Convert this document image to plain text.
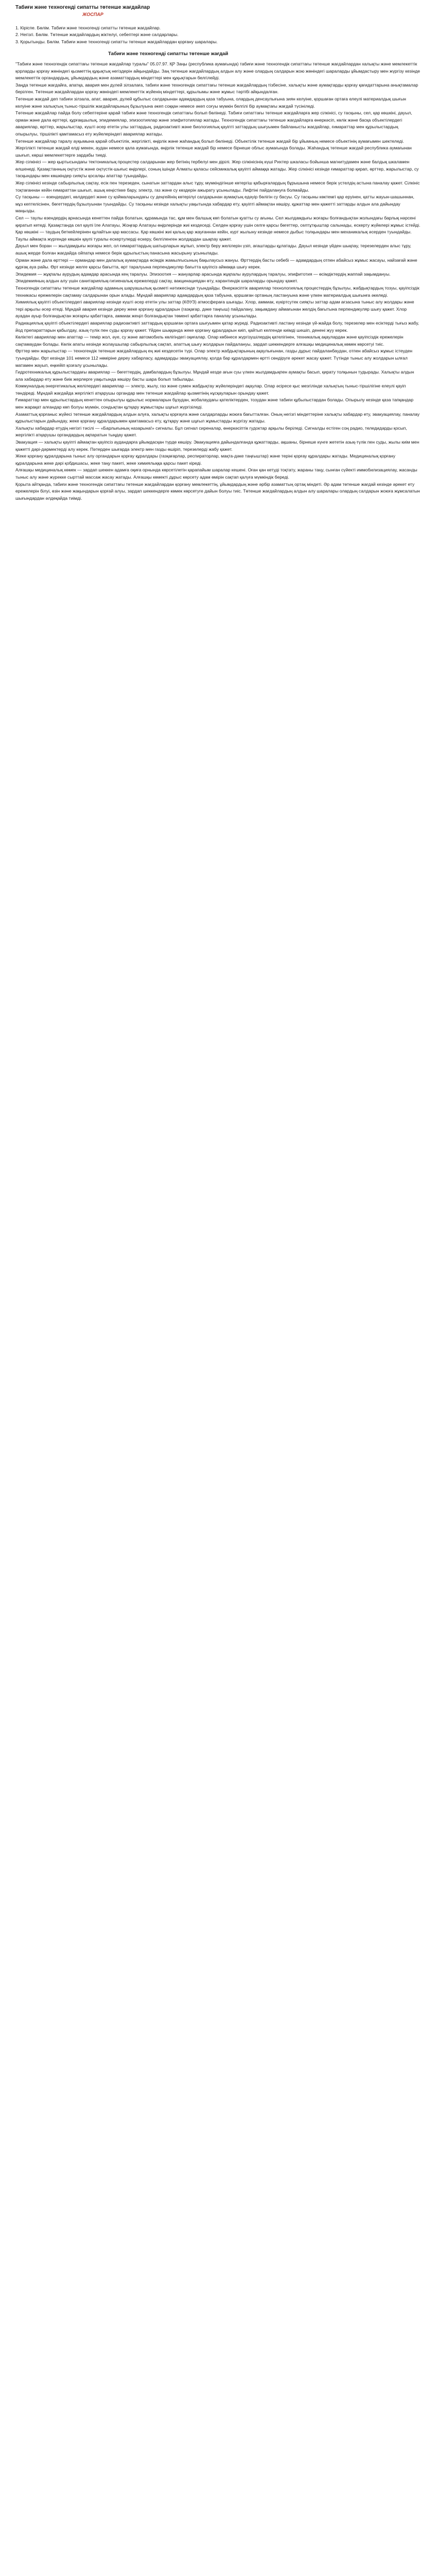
Табиғи және техногенді сипатты төтенше жағдайлар
ЖОСПАР

1. Кіріспе. Бөлім. Табиғи және техногенді сипатты төтенше жағдайлар.

2. Негізгі. Бөлім. Төтенше жағдайлардың жіктелуі, себептері және салдарлары.

3. Қорытынды. Бөлім. Табиғи және техногенді сипатты төтенше жағдайлардан қорғану шаралары.

Табиғи және техногенді сипатты төтенше жағдай

"Табиғи және техногендік сипаттағы төтенше жағдайлар туралы" 05.07.97. ҚР Заңы (республика аумағында) табиғи және техногендік сипаттағы төтенше жағдайлардан халықты және мемлекеттік қорларды қорғау жөніндегі қызметтің құқықтық негіздерін айқындайды. Заң төтенше жағдайлардың алдын алу және олардың салдарын жою жөніндегі шараларды ұйымдастыру мен жүргізу кезінде мемлекеттік органдардың, ұйымдардың және азаматтардың міндеттері мен құқықтарын белгілейді.

Заңда төтенше жағдайға, апатқа, авария мен дүлей зілзалаға, табиғи және техногендік сипаттағы төтенше жағдайлардың тізбесіне, халықты және аумақтарды қорғау қағидаттарына анықтамалар берілген. Төтенше жағдайлардан қорғау жөніндегі мемлекеттік жүйенің міндеттері, құрылымы және жұмыс тәртібі айқындалған.

Төтенше жағдай деп табиғи зілзала, апат, авария, дүлей құбылыс салдарынан адамдардың қаза табуына, олардың денсаулығына зиян келуіне, қоршаған ортаға елеулі материалдық шығын келуіне және халықтың тыныс-тіршілік жағдайларының бұзылуына әкеп соққан немесе әкеп соғуы мүмкін белгілі бір аумақтағы жағдай түсініледі.

Төтенше жағдайлар пайда болу себептеріне қарай табиғи және техногендік сипаттағы болып бөлінеді. Табиғи сипаттағы төтенше жағдайларға жер сілкінісі, су тасқыны, сел, қар көшкіні, дауыл, орман және дала өрттері, құрғақшылық, эпидемиялар, эпизоотиялар және эпифитотиялар жатады. Техногендік сипаттағы төтенше жағдайларға өнеркәсіп, көлік және басқа объектілердегі авариялар, өрттер, жарылыстар, күшті әсер ететін улы заттардың, радиоактивті және биологиялық қауіпті заттардың шығуымен байланысты жағдайлар, ғимараттар мен құрылыстардың опырылуы, тіршілікті қамтамасыз ету жүйелеріндегі авариялар жатады.

Төтенше жағдайлар таралу ауқымына қарай объектілік, жергілікті, өңірлік және жаһандық болып бөлінеді. Объектілік төтенше жағдай бір ұйымның немесе объектінің аумағымен шектеледі. Жергілікті төтенше жағдай елді мекен, аудан немесе қала аумағында, өңірлік төтенше жағдай бір немесе бірнеше облыс аумағында болады. Жаһандық төтенше жағдай республика аумағынан шығып, көрші мемлекеттерге зардабы тиеді.

Жер сілкінісі — жер қыртысындағы тектоникалық процестер салдарынан жер бетінің тербелуі мен дірілі. Жер сілкінісінің күші Рихтер шкаласы бойынша магнитудамен және балдық шкаламен өлшенеді. Қазақстанның оңтүстік және оңтүстік-шығыс өңірлері, соның ішінде Алматы қаласы сейсмикалық қауіпті аймаққа жатады. Жер сілкінісі кезінде ғимараттар қирап, өрттер, жарылыстар, су тасқындары мен көшкіндер сияқты қосалқы апаттар туындайды.

Жер сілкінісі кезінде сабырлылық сақтау, есік пен терезеден, сынатын заттардан алыс тұру, мүмкіндігінше көтергіш қабырғалардың бұрышына немесе берік үстелдің астына паналау қажет. Сілкініс тоқтағаннан кейін ғимараттан шығып, ашық кеңістікке бару, электр, газ және су көздерін ажырату ұсынылады. Лифтіні пайдалануға болмайды.

Су тасқыны — өзендердегі, көлдердегі және су қоймаларындағы су деңгейінің көтерілуі салдарынан аумақтың едәуір бөлігін су басуы. Су тасқыны көктемгі қар еруінен, қатты жауын-шашыннан, мұз кептелісінен, бөгеттердің бұзылуынан туындайды. Су тасқыны кезінде халықты уақытында хабардар ету, қауіпті аймақтан көшіру, құжаттар мен қажетті заттарды алдын ала дайындау маңызды.

Сел — таулы өзендердің арнасында кенеттен пайда болатын, құрамында тас, құм мен балшық көп болатын қуатты су ағыны. Сел жылдамдығы жоғары болғандықтан жолындағы барлық нәрсені қиратып кетеді. Қазақстанда сел қаупі Іле Алатауы, Жоңғар Алатауы өңірлерінде жиі кездеседі. Селден қорғау үшін селге қарсы бөгеттер, селтұтқыштар салынады, ескерту жүйелері жұмыс істейді.

Қар көшкіні — таудың беткейлерінен құлайтын қар массасы. Қар көшкіні жиі қалың қар жауғаннан кейін, күрт жылыну кезінде немесе дыбыс толқындары мен механикалық әсерден туындайды. Таулы аймақта жүргенде көшкін қаупі туралы ескертулерді ескеру, белгіленген жолдардан шықпау қажет.

Дауыл мен боран — жылдамдығы жоғары жел, ол ғимараттардың шатырларын жұлып, электр беру желілерін үзіп, ағаштарды құлатады. Дауыл кезінде үйден шықпау, терезелерден алыс тұру, ашық жерде болған жағдайда ойпатқа немесе берік құрылыстың панасына жасырыну ұсынылады.

Орман және дала өрттері — ормандар мен далалық аумақтарда өсімдік жамылғысының бақылаусыз жануы. Өрттердің басты себебі — адамдардың отпен абайсыз жұмыс жасауы, найзағай және құрғақ ауа райы. Өрт кезінде желге қарсы бағытта, өрт таралуына перпендикуляр бағытта қауіпсіз аймаққа шығу керек.

Эпидемия — жұқпалы аурудың адамдар арасында кең таралуы. Эпизоотия — жануарлар арасында жұқпалы аурулардың таралуы, эпифитотия — өсімдіктердің жаппай зақымдануы. Эпидемияның алдын алу үшін санитариялық-гигиеналық ережелерді сақтау, вакцинациядан өту, карантиндік шараларды орындау қажет.

Техногендік сипаттағы төтенше жағдайлар адамның шаруашылық қызметі нәтижесінде туындайды. Өнеркәсіптік авариялар технологиялық процестердің бұзылуы, жабдықтардың тозуы, қауіпсіздік техникасы ережелерін сақтамау салдарынан орын алады. Мұндай авариялар адамдардың қаза табуына, қоршаған ортаның ластануына және үлкен материалдық шығынға әкеледі.

Химиялық қауіпті объектілердегі авариялар кезінде күшті әсер ететін улы заттар (КӘУЗ) атмосфераға шығады. Хлор, аммиак, күкіртсутек сияқты заттар адам ағзасына тыныс алу жолдары және тері арқылы әсер етеді. Мұндай авария кезінде дереу жеке қорғану құралдарын (газқағар, дәке таңғыш) пайдалану, зақымдану аймағынан желдің бағытына перпендикуляр шығу қажет. Хлор ауадан ауыр болғандықтан жоғарғы қабаттарға, аммиак жеңіл болғандықтан төменгі қабаттарға паналау ұсынылады.

Радиациялық қауіпті объектілердегі авариялар радиоактивті заттардың қоршаған ортаға шығуымен қатар жүреді. Радиоактивті ластану кезінде үй-жайда болу, терезелер мен есіктерді тығыз жабу, йод препараттарын қабылдау, азық-түлік пен суды қорғау қажет. Үйден шыққанда жеке қорғану құралдарын киіп, қайтып келгенде киімді шешіп, денені жуу керек.

Көліктегі авариялар мен апаттар — темір жол, әуе, су және автомобиль көлігіндегі оқиғалар. Олар көбінесе жүргізушілердің қателігінен, техникалық ақаулардан және қауіпсіздік ережелерін сақтамаудан болады. Көлік апаты кезінде жолаушылар сабырлылық сақтап, апаттық шығу жолдарын пайдалануы, зардап шеккендерге алғашқы медициналық көмек көрсетуі тиіс.

Өрттер мен жарылыстар — техногендік төтенше жағдайлардың ең жиі кездесетін түрі. Олар электр жабдықтарының ақаулығынан, газды дұрыс пайдаланбаудан, отпен абайсыз жұмыс істеуден туындайды. Өрт кезінде 101 немесе 112 нөміріне дереу хабарласу, адамдарды эвакуациялау, қолда бар құралдармен өртті сөндіруге әрекет жасау қажет. Түтінде тыныс алу жолдарын ылғал матамен жауып, еңкейіп қозғалу ұсынылады.

Гидротехникалық құрылыстардағы авариялар — бөгеттердің, дамбалардың бұзылуы. Мұндай кезде ағын суы үлкен жылдамдықпен аумақты басып, қирату толқынын тудырады. Халықты алдын ала хабардар ету және биік жерлерге уақытында көшіру басты шара болып табылады.

Коммуналдық-энергетикалық желілердегі авариялар — электр, жылу, газ және сумен жабдықтау жүйелеріндегі ақаулар. Олар әсіресе қыс мезгілінде халықтың тыныс-тіршілігіне елеулі қауіп төндіреді. Мұндай жағдайда жергілікті атқарушы органдар мен төтенше жағдайлар қызметінің нұсқауларын орындау қажет.

Ғимараттар мен құрылыстардың кенеттен опырылуы құрылыс нормаларын бұзудан, жобалаудағы қателіктерден, тозудан және табиғи құбылыстардан болады. Опырылу кезінде қаза тапқандар мен жарақат алғандар көп болуы мүмкін, сондықтан құтқару жұмыстары шұғыл жүргізіледі.

Азаматтық қорғаныс жүйесі төтенше жағдайлардың алдын алуға, халықты қорғауға және салдарларды жоюға бағытталған. Оның негізгі міндеттеріне халықты хабардар ету, эвакуациялау, паналау құрылыстарын дайындау, жеке қорғану құралдарымен қамтамасыз ету, құтқару және шұғыл жұмыстарды жүргізу жатады.

Халықты хабардар етудің негізгі тәсілі — «Барлығының назарына!» сигналы. Бұл сигнал сиреналар, өнеркәсіптік гудоктар арқылы беріледі. Сигналды естіген соң радио, теледидарды қосып, жергілікті атқарушы органдардың ақпаратын тыңдау қажет.

Эвакуация — халықты қауіпті аймақтан қауіпсіз аудандарға ұйымдасқан түрде көшіру. Эвакуацияға дайындалғанда құжаттарды, ақшаны, бірнеше күнге жететін азық-түлік пен суды, жылы киім мен қажетті дәрі-дәрмектерді алу керек. Пәтерден шығарда электр мен газды өшіріп, терезелерді жабу қажет.

Жеке қорғану құралдарына тыныс алу органдарын қорғау құралдары (газқағарлар, респираторлар, мақта-дәке таңғыштар) және теріні қорғау құралдары жатады. Медициналық қорғану құралдарына жеке дәрі қобдишасы, жеке таңу пакеті, жеке химиялыққа қарсы пакет кіреді.

Алғашқы медициналық көмек — зардап шеккен адамға оқиға орнында көрсетілетін қарапайым шаралар кешені. Оған қан кетуді тоқтату, жараны таңу, сынған сүйекті иммобилизациялау, жасанды тыныс алу және жүрекке сырттай массаж жасау жатады. Алғашқы көмекті дұрыс көрсету адам өмірін сақтап қалуға мүмкіндік береді.

Қорыта айтқанда, табиғи және техногендік сипаттағы төтенше жағдайлардан қорғану мемлекеттің, ұйымдардың және әрбір азаматтың ортақ міндеті. Әр адам төтенше жағдай кезінде әрекет ету ережелерін білуі, өзін және жақындарын қорғай алуы, зардап шеккендерге көмек көрсетуге дайын болуы тиіс. Төтенше жағдайлардың алдын алу шаралары олардың салдарын жоюға жұмсалатын шығындардан әлдеқайда тиімді.
